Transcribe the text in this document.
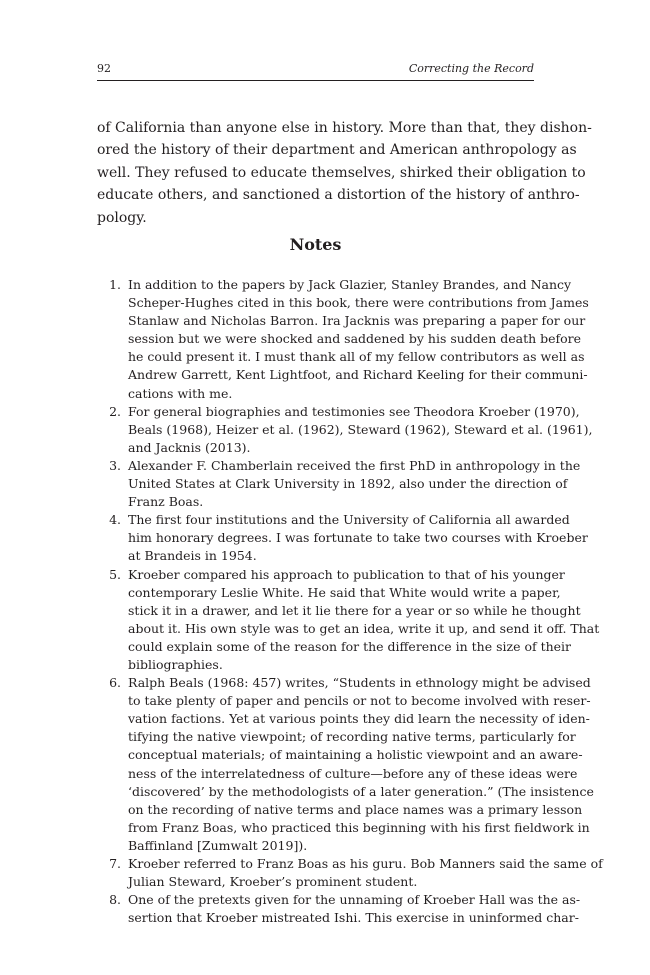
92	Correcting the Record

of California than anyone else in history. More than that, they dishon-
ored the history of their department and American anthropology as
well. They refused to educate themselves, shirked their obligation to
educate others, and sanctioned a distortion of the history of anthro-
pology.

Notes
1. In addition to the papers by Jack Glazier, Stanley Brandes, and Nancy
Scheper-Hughes cited in this book, there were contributions from James
Stanlaw and Nicholas Barron. Ira Jacknis was preparing a paper for our
session but we were shocked and saddened by his sudden death before
he could present it. I must thank all of my fellow contributors as well as
Andrew Garrett, Kent Lightfoot, and Richard Keeling for their communi-
cations with me.
2. For general biographies and testimonies see Theodora Kroeber (1970),
Beals (1968), Heizer et al. (1962), Steward (1962), Steward et al. (1961),
and Jacknis (2013).
3. Alexander F. Chamberlain received the first PhD in anthropology in the
United States at Clark University in 1892, also under the direction of
Franz Boas.
4. The first four institutions and the University of California all awarded
him honorary degrees. I was fortunate to take two courses with Kroeber
at Brandeis in 1954.
5. Kroeber compared his approach to publication to that of his younger
contemporary Leslie White. He said that White would write a paper,
stick it in a drawer, and let it lie there for a year or so while he thought
about it. His own style was to get an idea, write it up, and send it off. That
could explain some of the reason for the difference in the size of their
bibliographies.
6. Ralph Beals (1968: 457) writes, “Students in ethnology might be advised
to take plenty of paper and pencils or not to become involved with reser-
vation factions. Yet at various points they did learn the necessity of iden-
tifying the native viewpoint; of recording native terms, particularly for
conceptual materials; of maintaining a holistic viewpoint and an aware-
ness of the interrelatedness of culture—before any of these ideas were
‘discovered’ by the methodologists of a later generation.” (The insistence
on the recording of native terms and place names was a primary lesson
from Franz Boas, who practiced this beginning with his first fieldwork in
Baffinland [Zumwalt 2019]).
7. Kroeber referred to Franz Boas as his guru. Bob Manners said the same of
Julian Steward, Kroeber’s prominent student.
8. One of the pretexts given for the unnaming of Kroeber Hall was the as-
sertion that Kroeber mistreated Ishi. This exercise in uninformed char-
